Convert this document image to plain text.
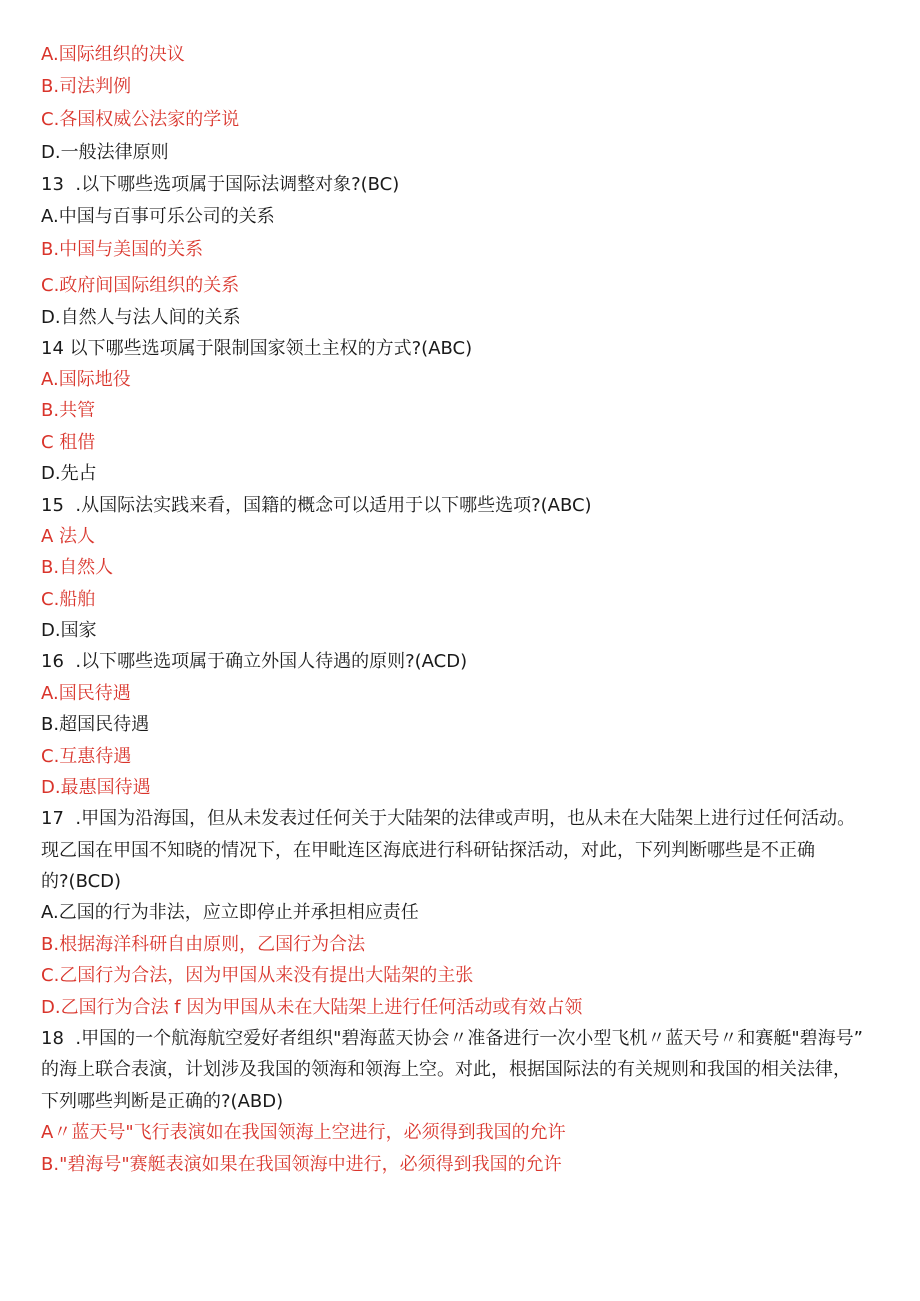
A.国际组织的决议
B.司法判例
C.各国权威公法家的学说
D.一般法律原则
13  .以下哪些选项属于国际法调整对象?(BC)
A.中国与百事可乐公司的关系
B.中国与美国的关系
C.政府间国际组织的关系
D.自然人与法人间的关系
14 以下哪些选项属于限制国家领土主权的方式?(ABC)
A.国际地役
B.共管
C 租借
D.先占
15  .从国际法实践来看，国籍的概念可以适用于以下哪些选项?(ABC)
A 法人
B.自然人
C.船舶
D.国家
16  .以下哪些选项属于确立外国人待遇的原则?(ACD)
A.国民待遇
B.超国民待遇
C.互惠待遇
D.最惠国待遇
17  .甲国为沿海国，但从未发表过任何关于大陆架的法律或声明，也从未在大陆架上进行过任何活动。
现乙国在甲国不知晓的情况下，在甲毗连区海底进行科研钻探活动，对此，下列判断哪些是不正确
的?(BCD)
A.乙国的行为非法，应立即停止并承担相应责任
B.根据海洋科研自由原则，乙国行为合法
C.乙国行为合法，因为甲国从来没有提出大陆架的主张
D.乙国行为合法 f 因为甲国从未在大陆架上进行任何活动或有效占领
18  .甲国的一个航海航空爱好者组织"碧海蓝天协会〃准备进行一次小型飞机〃蓝天号〃和赛艇"碧海号”
的海上联合表演，计划涉及我国的领海和领海上空。对此，根据国际法的有关规则和我国的相关法律，
下列哪些判断是正确的?(ABD)
A〃蓝天号"飞行表演如在我国领海上空进行，必须得到我国的允许
B."碧海号"赛艇表演如果在我国领海中进行，必须得到我国的允许
